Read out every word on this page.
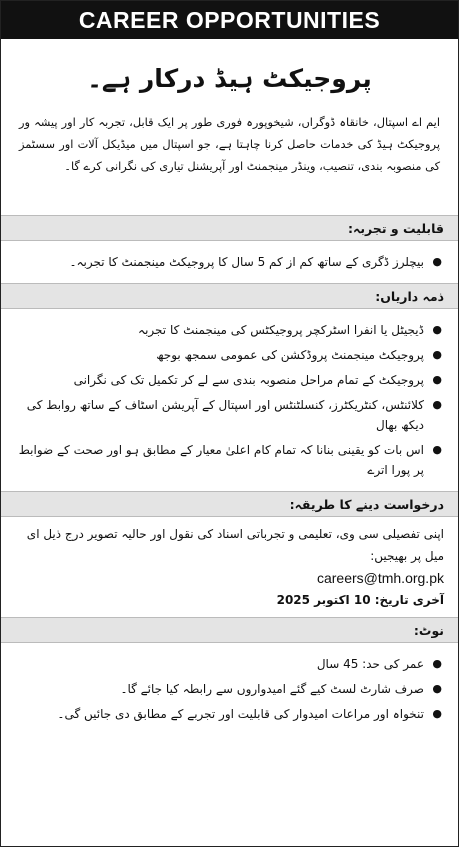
CAREER OPPORTUNITIES
پروجیکٹ ہیڈ درکار ہے۔
ایم اے اسپتال، خانقاہ ڈوگراں، شیخوپورہ فوری طور پر ایک قابل، تجربہ کار اور پیشہ ور پروجیکٹ ہیڈ کی خدمات حاصل کرنا چاہتا ہے، جو اسپتال میں میڈیکل آلات اور سسٹمز کی منصوبہ بندی، تنصیب، وینڈر مینجمنٹ اور آپریشنل تیاری کی نگرانی کرے گا۔
قابلیت و تجربہ:
● بیچلرز ڈگری کے ساتھ کم از کم 5 سال کا پروجیکٹ مینجمنٹ کا تجربہ۔
ذمہ داریاں:
● ڈیجیٹل یا انفرا اسٹرکچر پروجیکٹس کی مینجمنٹ کا تجربہ
● پروجیکٹ مینجمنٹ پروڈکشن کی عمومی سمجھ بوجھ
● پروجیکٹ کے تمام مراحل منصوبہ بندی سے لے کر تکمیل تک کی نگرانی
● کلائنٹس، کنٹریکٹرز، کنسلٹنٹس اور اسپتال کے آپریشن اسٹاف کے ساتھ روابط کی دیکھ بھال
● اس بات کو یقینی بنانا کہ تمام کام اعلیٰ معیار کے مطابق ہو اور صحت کے ضوابط پر پورا اترے
درخواست دینے کا طریقہ:
اپنی تفصیلی سی وی، تعلیمی و تجرباتی اسناد کی نقول اور حالیہ تصویر درج ذیل ای میل پر بھیجیں:
careers@tmh.org.pk
آخری تاریخ: 10 اکتوبر 2025
نوٹ:
● عمر کی حد: 45 سال
● صرف شارٹ لسٹ کیے گئے امیدواروں سے رابطہ کیا جائے گا۔
● تنخواہ اور مراعات امیدوار کی قابلیت اور تجربے کے مطابق دی جائیں گی۔
